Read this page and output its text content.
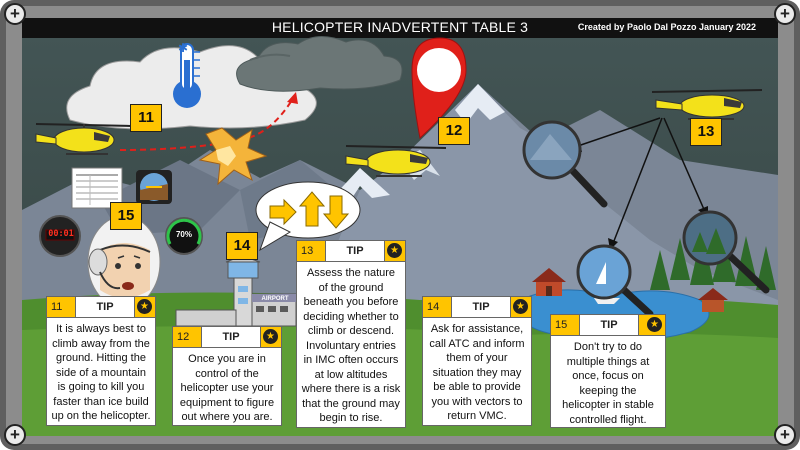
✱
HELICOPTER INADVERTENT TABLE 3	Created by Paolo Dal Pozzo January 2022
+	+
+	+
YOU
ARE
HERE
00:01	70%
AIRPORT
11
12	13
14
15
11	TIP	★
It is always best to climb away from the ground. Hitting the side of a mountain is going to kill you faster than ice build up on the helicopter.
12	TIP	★
Once you are in control of the helicopter use your equipment to figure out where you are.
13	TIP	★
Assess the nature of the ground beneath you before deciding whether to climb or descend. Involuntary entries in IMC often occurs at low altitudes where there is a risk that the ground may begin to rise.
14	TIP	★
Ask for assistance, call ATC and inform them of your situation they may be able to provide you with vectors to return VMC.
15	TIP	★
Don't try to do multiple things at once, focus on keeping the helicopter in stable controlled flight.
